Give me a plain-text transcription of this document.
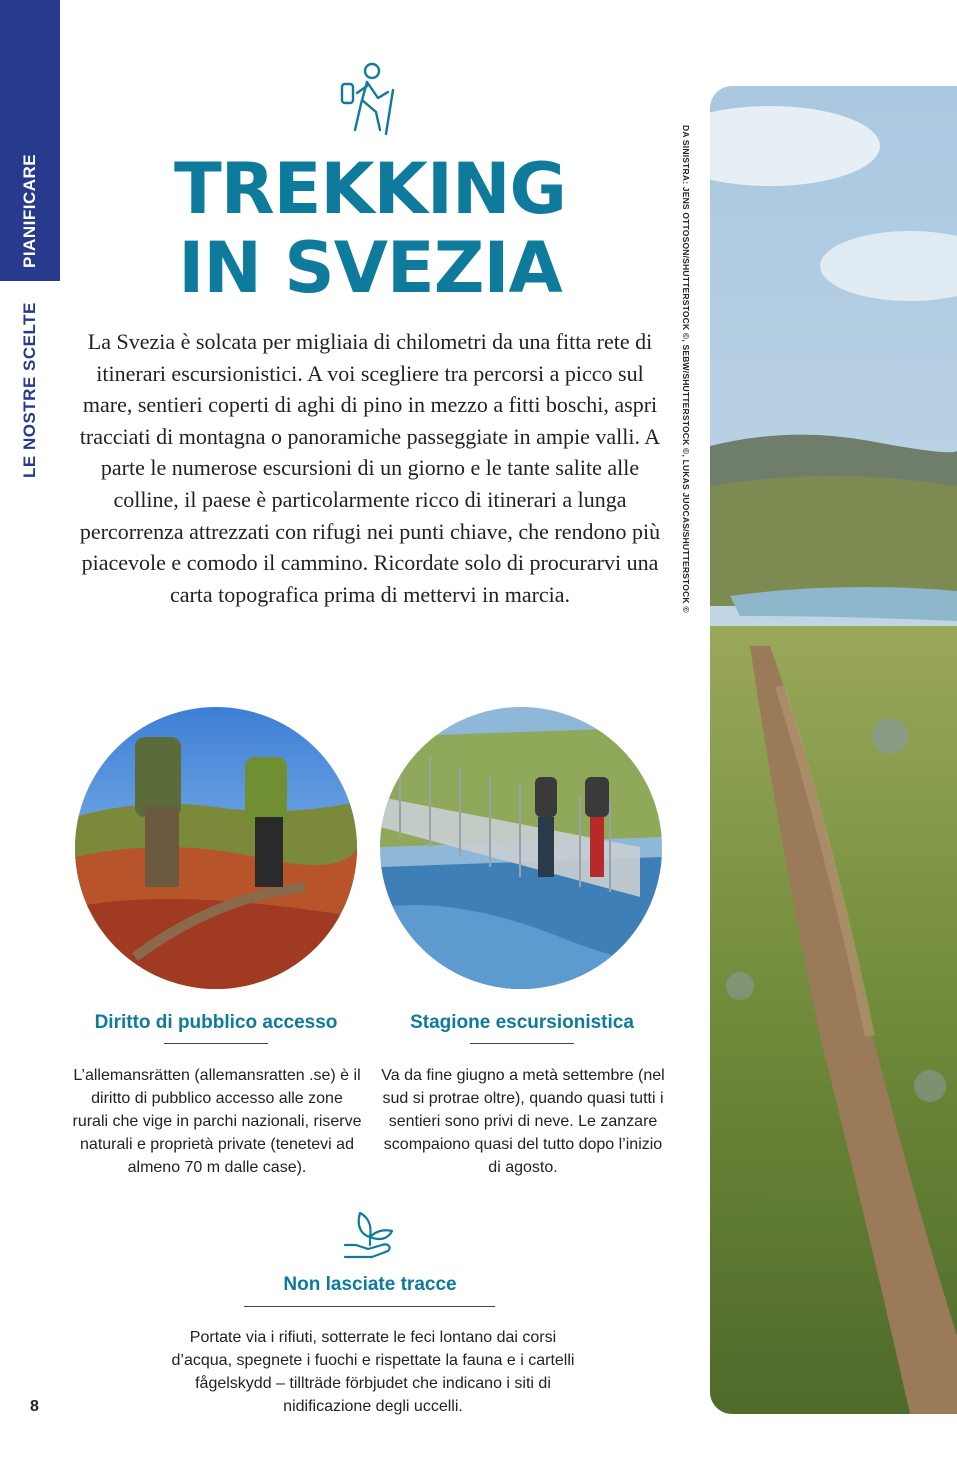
PIANIFICARE
LE NOSTRE SCELTE
TREKKING
IN SVEZIA

La Svezia è solcata per migliaia di chilometri da una fitta rete di itinerari escursionistici. A voi scegliere tra percorsi a picco sul mare, sentieri coperti di aghi di pino in mezzo a fitti boschi, aspri tracciati di montagna o panoramiche passeggiate in ampie valli. A parte le numerose escursioni di un giorno e le tante salite alle colline, il paese è particolarmente ricco di itinerari a lunga percorrenza attrezzati con rifugi nei punti chiave, che rendono più piacevole e comodo il cammino. Ricordate solo di procurarvi una carta topografica prima di mettervi in marcia.

Diritto di pubblico accesso

L’allemansrätten (allemansratten .se) è il diritto di pubblico accesso alle zone rurali che vige in parchi nazionali, riserve naturali e proprietà private (tenetevi ad almeno 70 m dalle case).

Stagione escursionistica

Va da fine giugno a metà settembre (nel sud si protrae oltre), quando quasi tutti i sentieri sono privi di neve. Le zanzare scompaiono quasi del tutto dopo l’inizio di agosto.

Non lasciate tracce

Portate via i rifiuti, sotterrate le feci lontano dai corsi d’acqua, spegnete i fuochi e rispettate la fauna e i cartelli fågelskydd – tillträde förbjudet che indicano i siti di nidificazione degli uccelli.

8
DA SINISTRA: JENS OTTOSON/SHUTTERSTOCK ©, SEBW/SHUTTERSTOCK ©, LUKAS JUOCAS/SHUTTERSTOCK ©
